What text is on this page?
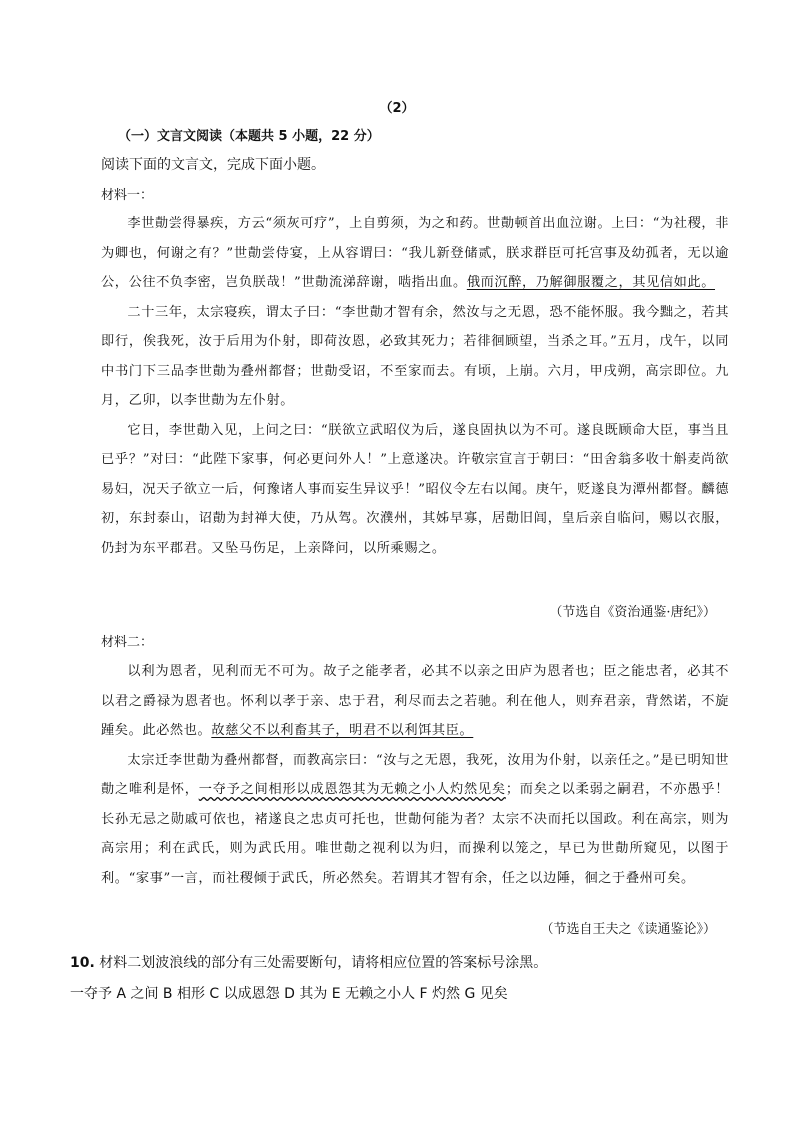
（2）
（一）文言文阅读（本题共 5 小题，22 分）
阅读下面的文言文，完成下面小题。
材料一：

李世勣尝得暴疾，方云“须灰可疗”，上自剪须，为之和药。世勣顿首出血泣谢。上曰：“为社稷，非为卿也，何谢之有？”世勣尝侍宴，上从容谓曰：“我儿新登储贰，朕求群臣可托宫事及幼孤者，无以逾公，公往不负李密，岂负朕哉！”世勣流涕辞谢，啮指出血。俄而沉醉，乃解御服覆之，其见信如此。

二十三年，太宗寝疾，谓太子曰：“李世勣才智有余，然汝与之无恩，恐不能怀服。我今黜之，若其即行，俟我死，汝于后用为仆射，即荷汝恩，必致其死力；若徘徊顾望，当杀之耳。”五月，戊午，以同中书门下三品李世勣为叠州都督；世勣受诏，不至家而去。有顷，上崩。六月，甲戌朔，高宗即位。九月，乙卯，以李世勣为左仆射。

它日，李世勣入见，上问之曰：“朕欲立武昭仪为后，遂良固执以为不可。遂良既顾命大臣，事当且已乎？”对曰：“此陛下家事，何必更问外人！”上意遂决。许敬宗宣言于朝曰：“田舍翁多收十斛麦尚欲易妇，况天子欲立一后，何豫诸人事而妄生异议乎！”昭仪令左右以闻。庚午，贬遂良为潭州都督。麟德初，东封泰山，诏勣为封禅大使，乃从驾。次濮州，其姊早寡，居勣旧闾，皇后亲自临问，赐以衣服，仍封为东平郡君。又坠马伤足，上亲降问，以所乘赐之。

（节选自《资治通鉴·唐纪》）
材料二：

以利为恩者，见利而无不可为。故子之能孝者，必其不以亲之田庐为恩者也；臣之能忠者，必其不以君之爵禄为恩者也。怀利以孝于亲、忠于君，利尽而去之若驰。利在他人，则弃君亲，背然诺，不旋踵矣。此必然也。故慈父不以利畜其子，明君不以利饵其臣。

太宗迁李世勣为叠州都督，而教高宗曰：“汝与之无恩，我死，汝用为仆射，以亲任之。”是已明知世勣之唯利是怀，一夺予之间相形以成恩怨其为无赖之小人灼然见矣；而矣之以柔弱之嗣君，不亦愚乎！长孙无忌之勋戚可依也，褚遂良之忠贞可托也，世勣何能为者？太宗不决而托以国政。利在高宗，则为高宗用；利在武氏，则为武氏用。唯世勣之视利以为归，而操利以笼之，早已为世勣所窥见，以图于利。“家事”一言，而社稷倾于武氏，所必然矣。若谓其才智有余，任之以边陲，徊之于叠州可矣。

（节选自王夫之《读通鉴论》）
10. 材料二划波浪线的部分有三处需要断句，请将相应位置的答案标号涂黑。
一夺予 A 之间 B 相形 C 以成恩怨 D 其为 E 无赖之小人 F 灼然 G 见矣
